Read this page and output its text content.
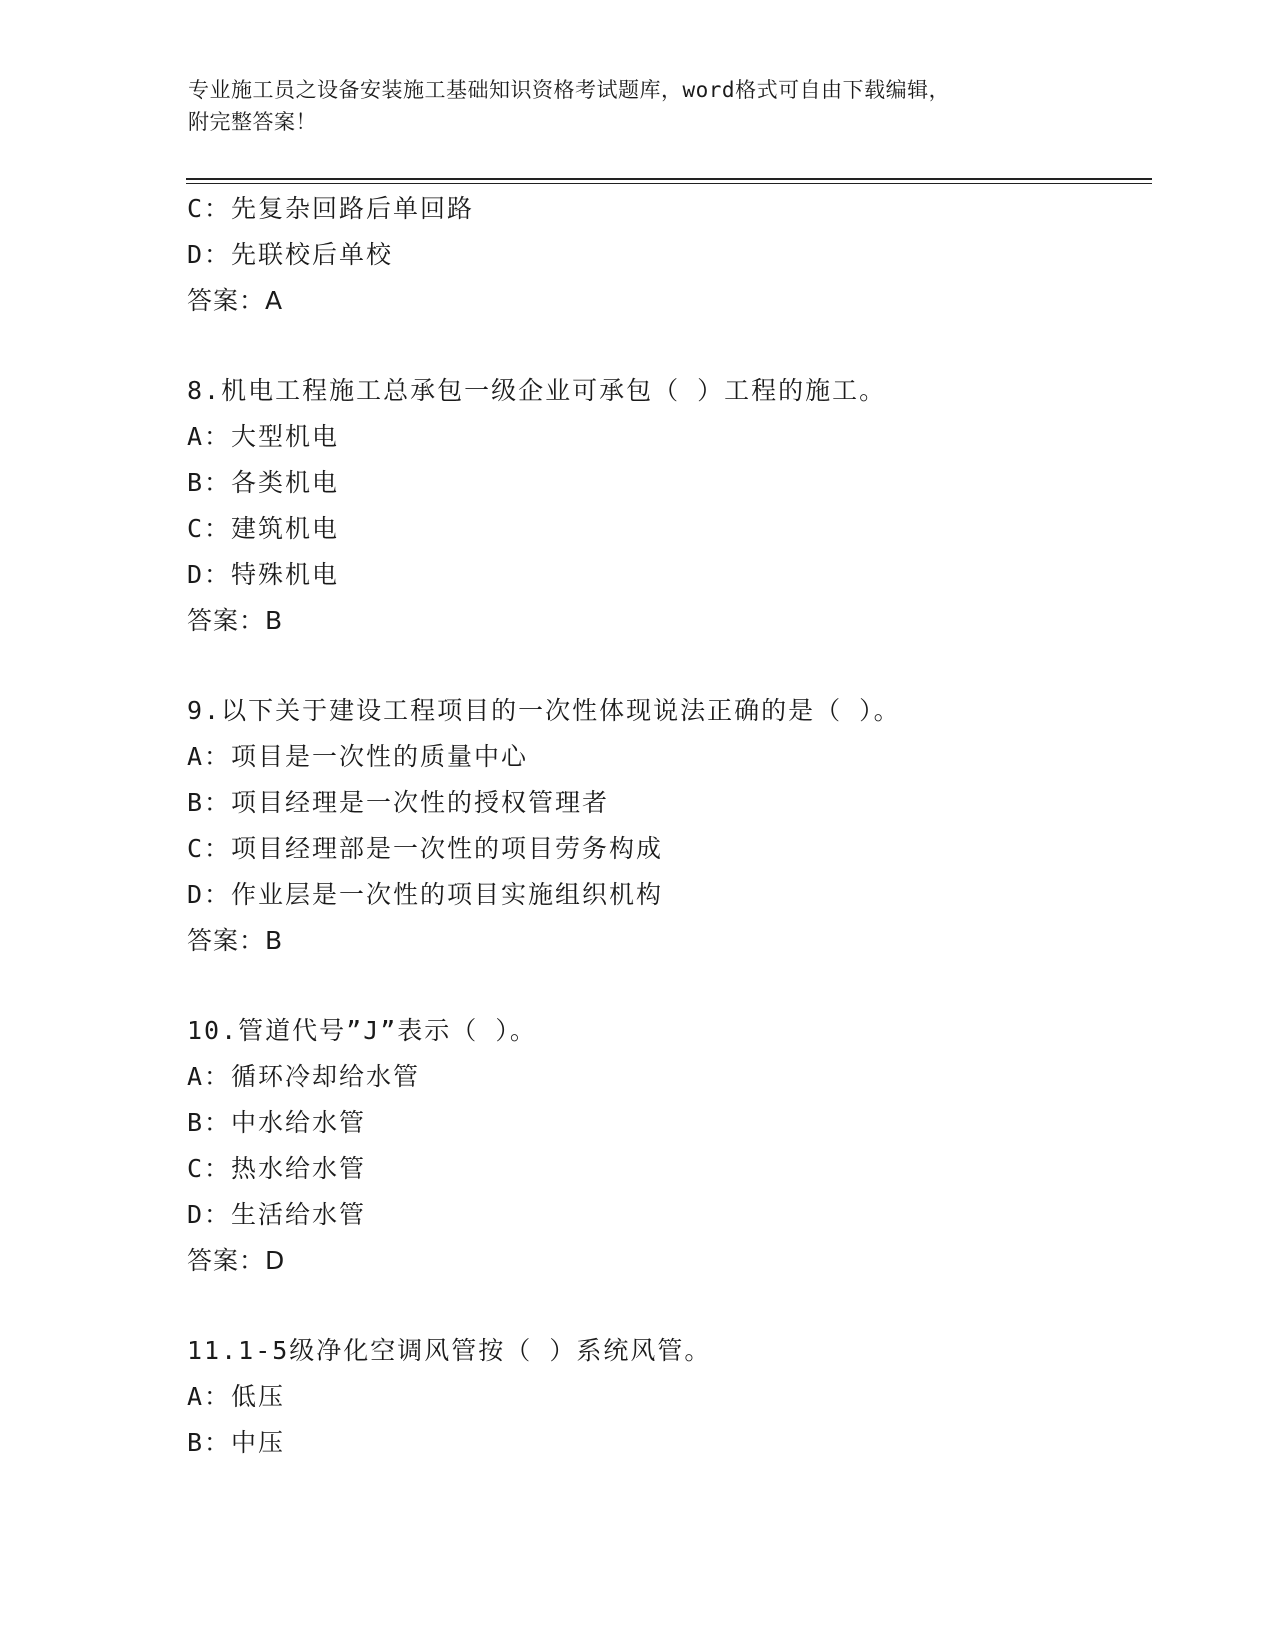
专业施工员之设备安装施工基础知识资格考试题库，word格式可自由下载编辑，
附完整答案！
C：先复杂回路后单回路
D：先联校后单校
答案：A
8.机电工程施工总承包一级企业可承包（ ）工程的施工。
A：大型机电
B：各类机电
C：建筑机电
D：特殊机电
答案：B
9.以下关于建设工程项目的一次性体现说法正确的是（ ）。
A：项目是一次性的质量中心
B：项目经理是一次性的授权管理者
C：项目经理部是一次性的项目劳务构成
D：作业层是一次性的项目实施组织机构
答案：B
10.管道代号”J”表示（ ）。
A：循环冷却给水管
B：中水给水管
C：热水给水管
D：生活给水管
答案：D
11.1-5级净化空调风管按（ ）系统风管。
A：低压
B：中压
